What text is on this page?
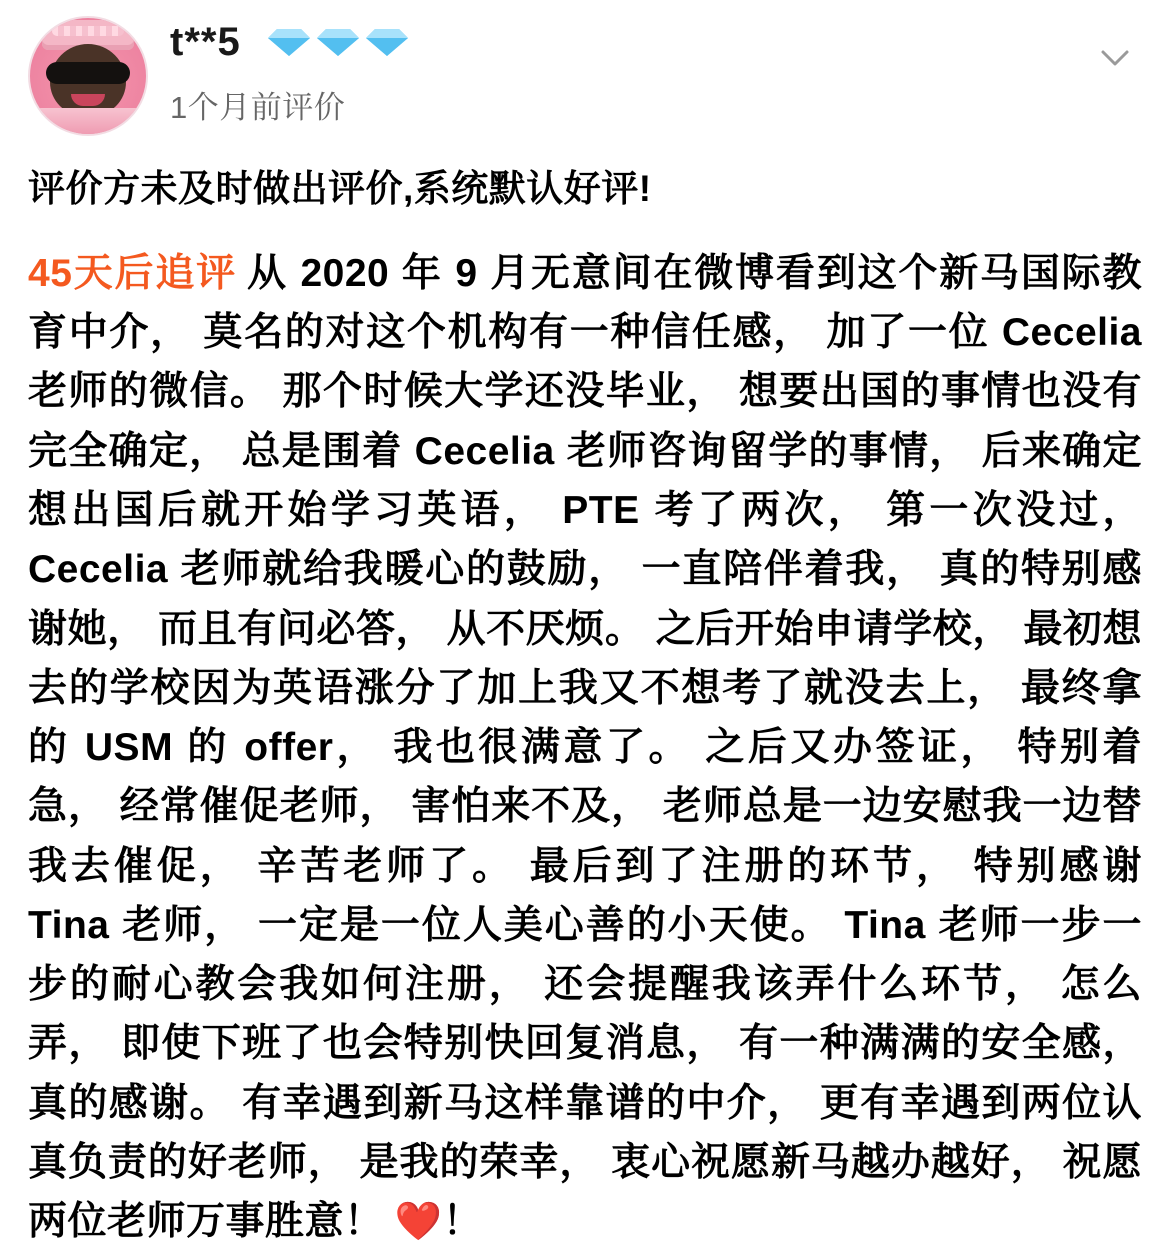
t**5
1个月前评价
评价方未及时做出评价,系统默认好评!
45天后追评 从 2020 年 9 月无意间在微博看到这个新马国际教育中介， 莫名的对这个机构有一种信任感， 加了一位 Cecelia 老师的微信。 那个时候大学还没毕业， 想要出国的事情也没有完全确定， 总是围着 Cecelia 老师咨询留学的事情， 后来确定想出国后就开始学习英语， PTE 考了两次， 第一次没过， Cecelia 老师就给我暖心的鼓励， 一直陪伴着我， 真的特别感谢她， 而且有问必答， 从不厌烦。 之后开始申请学校， 最初想去的学校因为英语涨分了加上我又不想考了就没去上， 最终拿的 USM 的 offer， 我也很满意了。 之后又办签证， 特别着急， 经常催促老师， 害怕来不及， 老师总是一边安慰我一边替我去催促， 辛苦老师了。 最后到了注册的环节， 特别感谢 Tina 老师， 一定是一位人美心善的小天使。 Tina 老师一步一步的耐心教会我如何注册， 还会提醒我该弄什么环节， 怎么弄， 即使下班了也会特别快回复消息， 有一种满满的安全感， 真的感谢。 有幸遇到新马这样靠谱的中介， 更有幸遇到两位认真负责的好老师， 是我的荣幸， 衷心祝愿新马越办越好， 祝愿两位老师万事胜意！ ❤️！
